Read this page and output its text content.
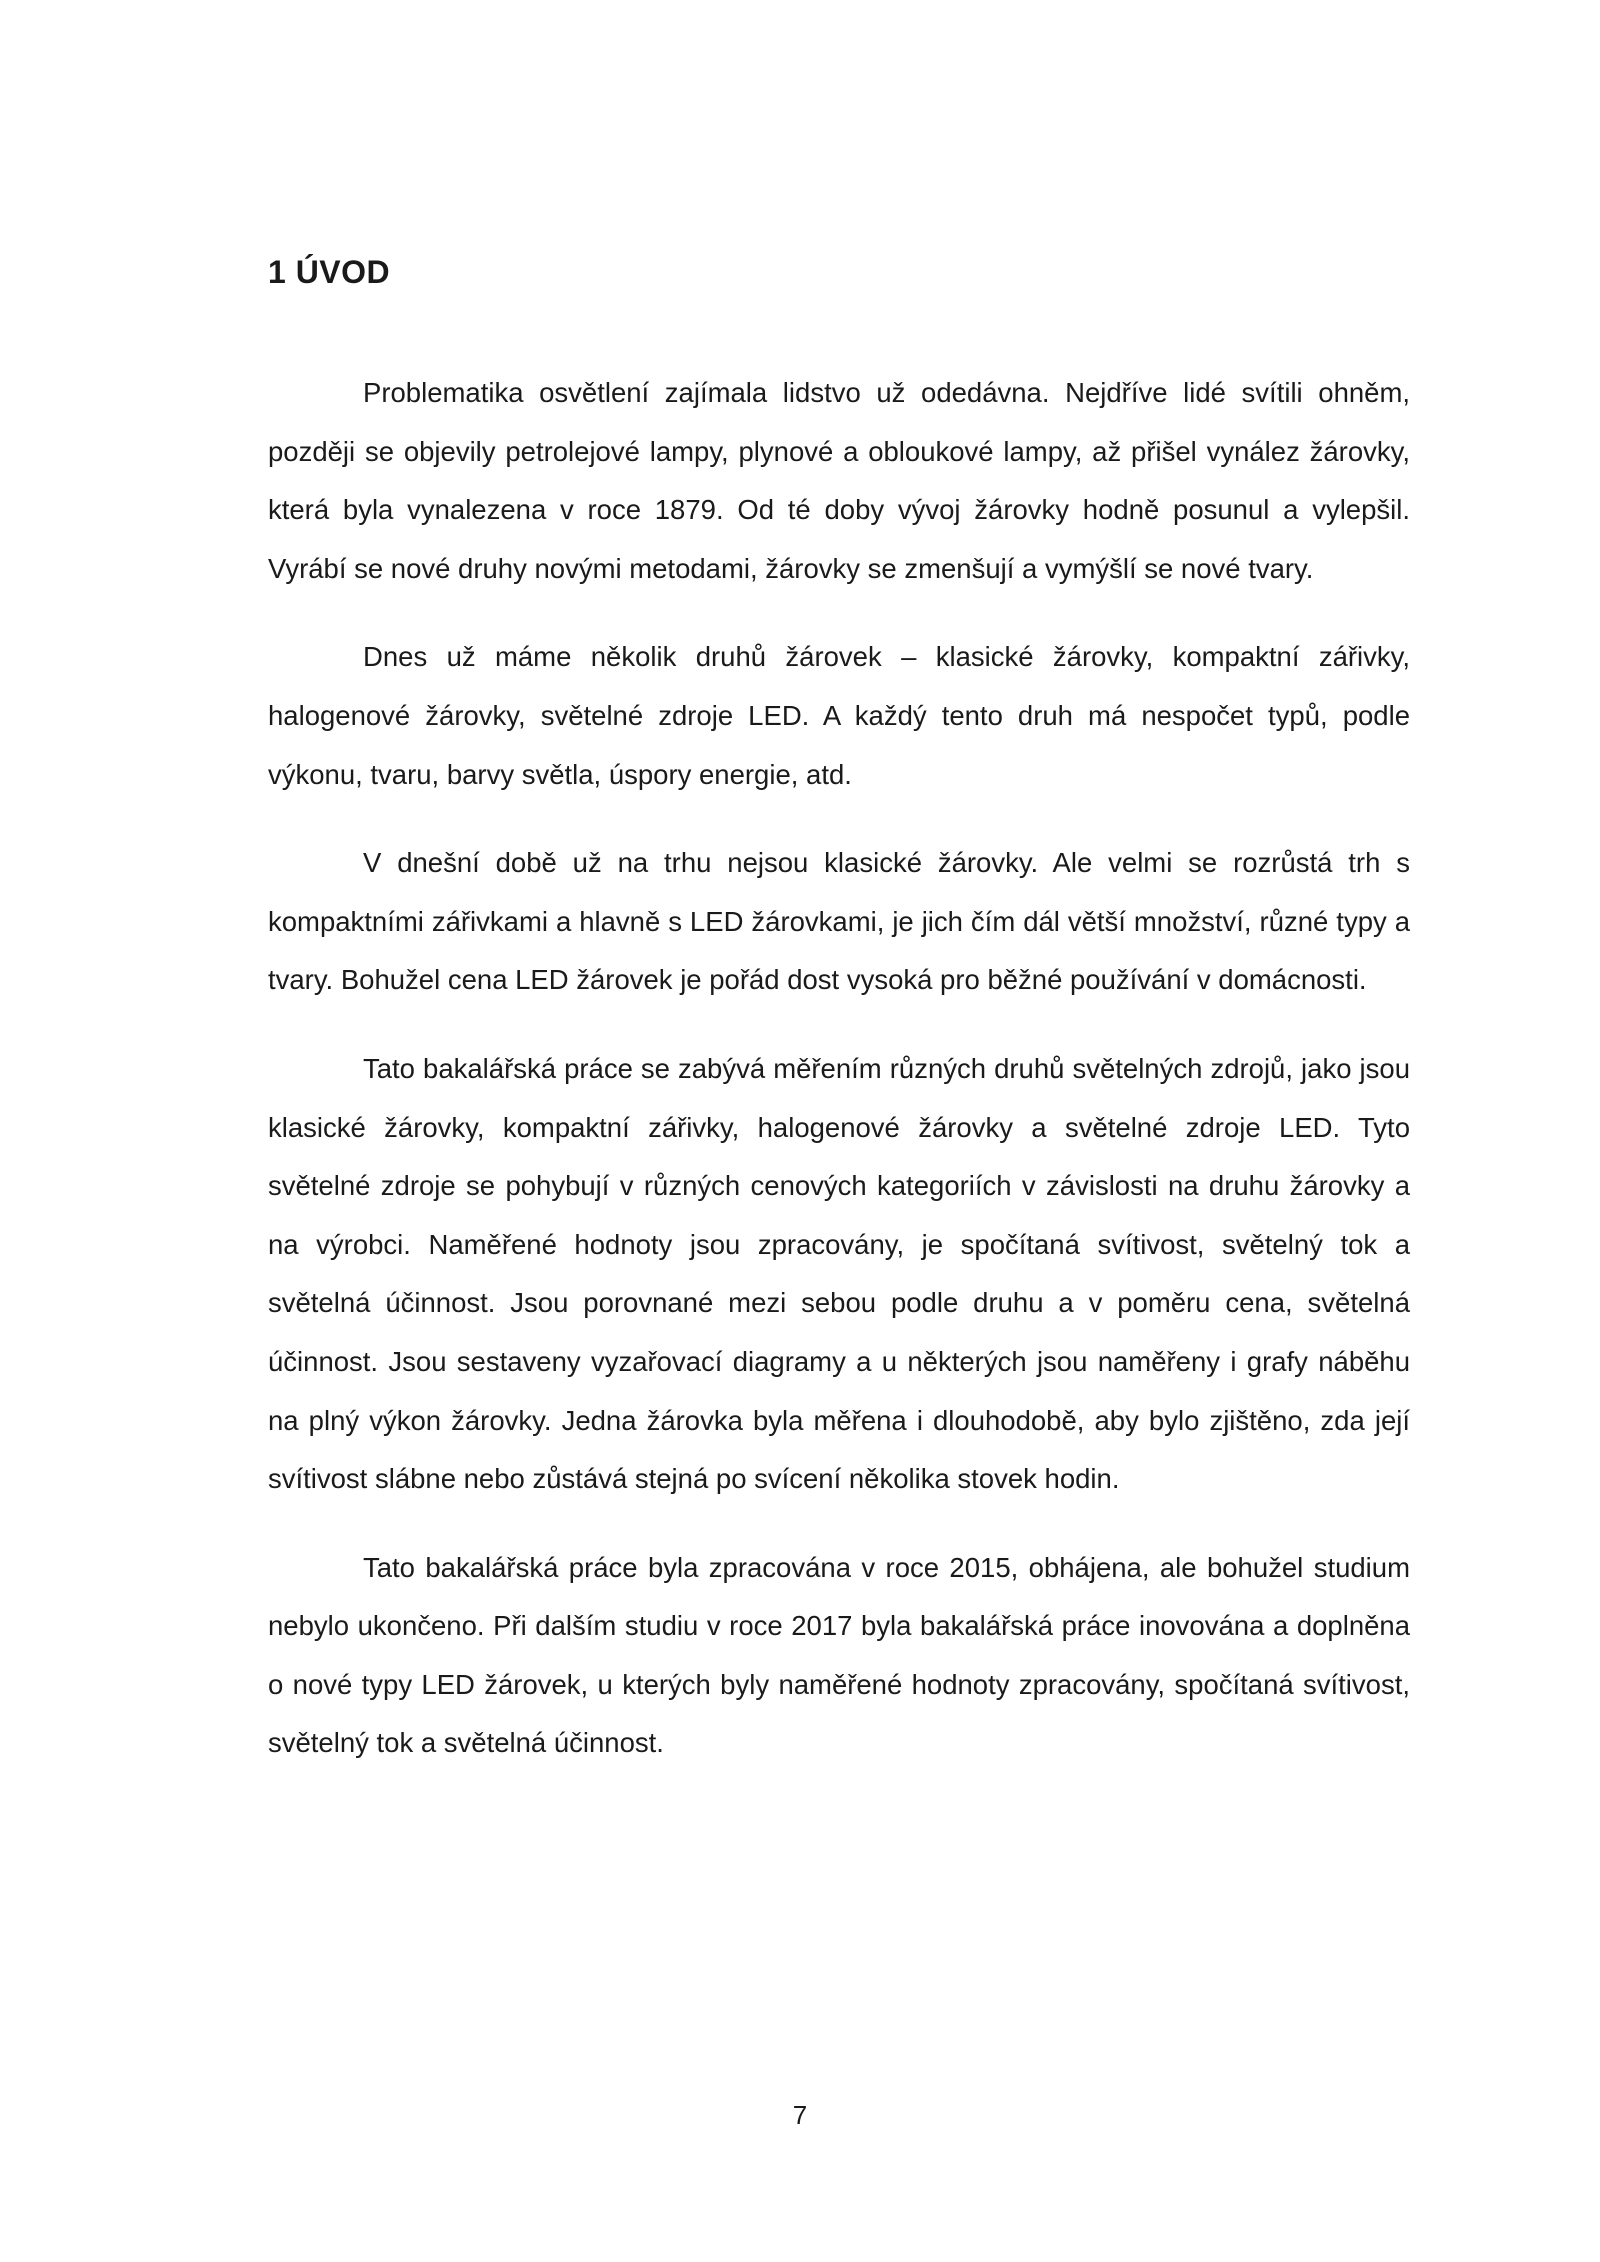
1 ÚVOD

Problematika osvětlení zajímala lidstvo už odedávna. Nejdříve lidé svítili ohněm, později se objevily petrolejové lampy, plynové a obloukové lampy, až přišel vynález žárovky, která byla vynalezena v roce 1879. Od té doby vývoj žárovky hodně posunul a vylepšil. Vyrábí se nové druhy novými metodami, žárovky se zmenšují a vymýšlí se nové tvary.

Dnes už máme několik druhů žárovek – klasické žárovky, kompaktní zářivky, halogenové žárovky, světelné zdroje LED. A každý tento druh má nespočet typů, podle výkonu, tvaru, barvy světla, úspory energie, atd.

V dnešní době už na trhu nejsou klasické žárovky. Ale velmi se rozrůstá trh s kompaktními zářivkami a hlavně s LED žárovkami, je jich čím dál větší množství, různé typy a tvary. Bohužel cena LED žárovek je pořád dost vysoká pro běžné používání v domácnosti.

Tato bakalářská práce se zabývá měřením různých druhů světelných zdrojů, jako jsou klasické žárovky, kompaktní zářivky, halogenové žárovky a světelné zdroje LED. Tyto světelné zdroje se pohybují v různých cenových kategoriích v závislosti na druhu žárovky a na výrobci. Naměřené hodnoty jsou zpracovány, je spočítaná svítivost, světelný tok a světelná účinnost. Jsou porovnané mezi sebou podle druhu a v poměru cena, světelná účinnost. Jsou sestaveny vyzařovací diagramy a u některých jsou naměřeny i grafy náběhu na plný výkon žárovky. Jedna žárovka byla měřena i dlouhodobě, aby bylo zjištěno, zda její svítivost slábne nebo zůstává stejná po svícení několika stovek hodin.

Tato bakalářská práce byla zpracována v roce 2015, obhájena, ale bohužel studium nebylo ukončeno. Při dalším studiu v roce 2017 byla bakalářská práce inovována a doplněna o nové typy LED žárovek, u kterých byly naměřené hodnoty zpracovány, spočítaná svítivost, světelný tok a světelná účinnost.

7
